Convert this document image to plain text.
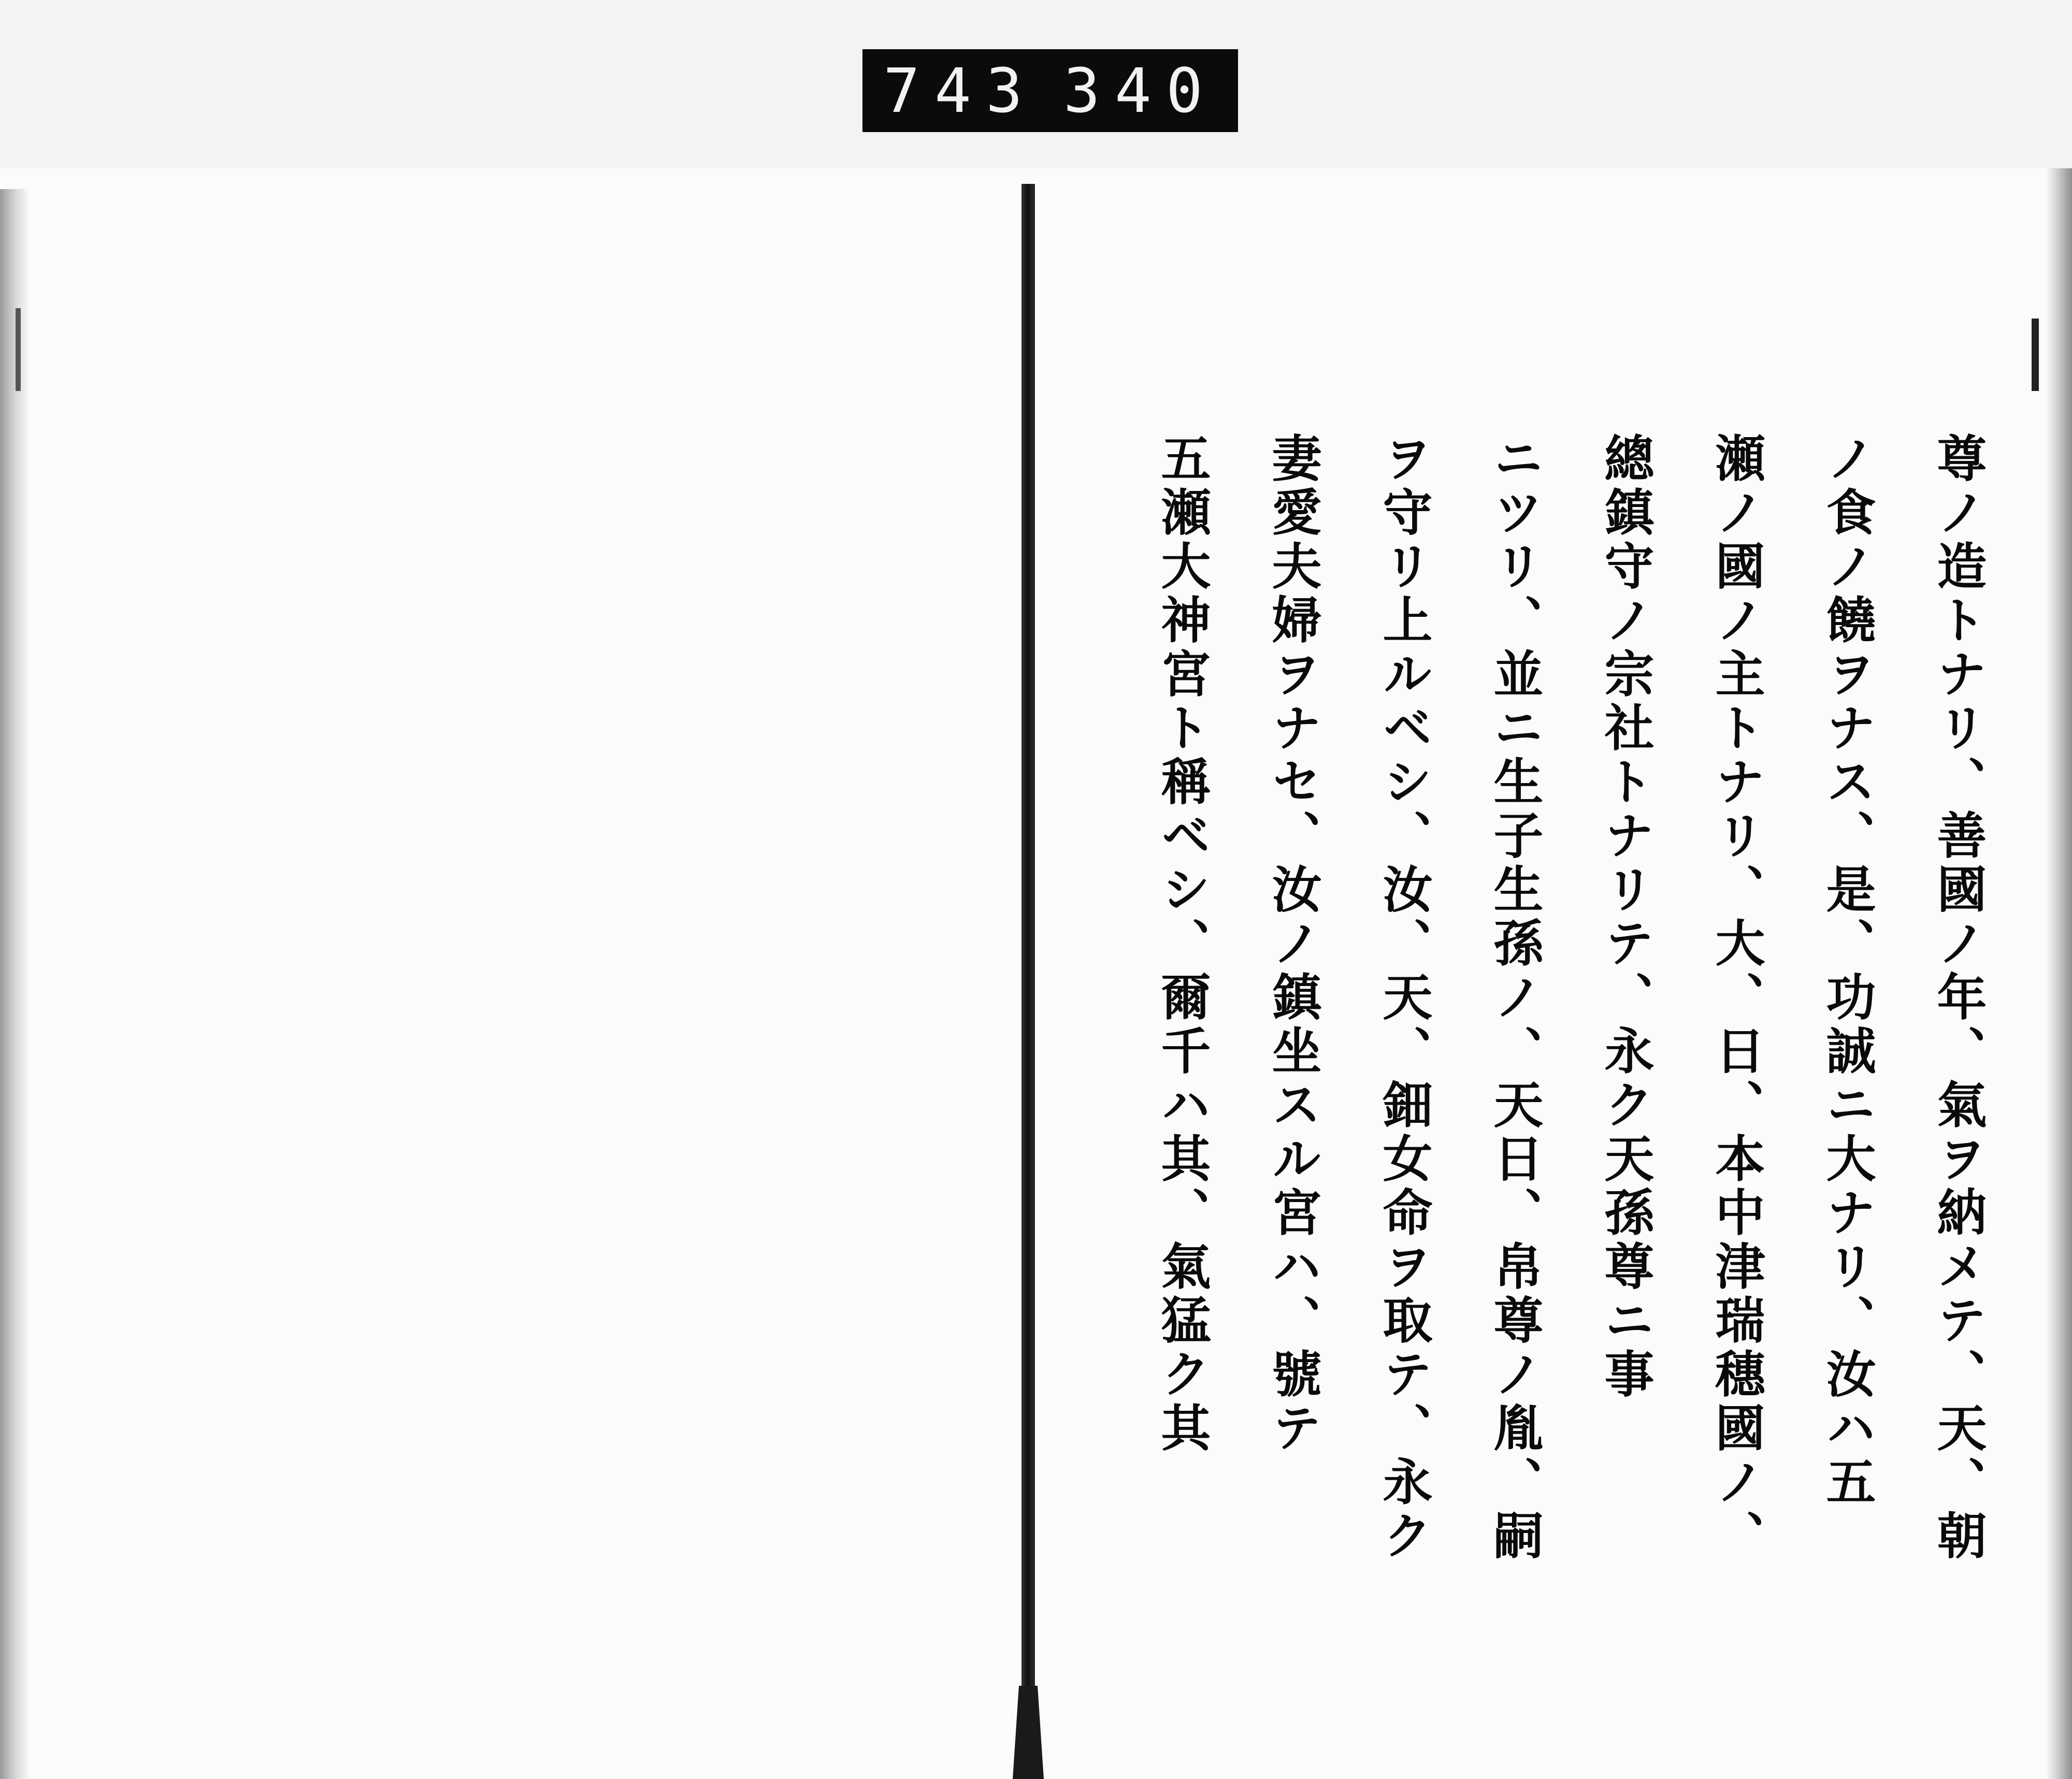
743 340
尊ノ造トナリ、善國ノ年、氣ヲ納メテ、天、朝
ノ食ノ饒ヲナス、是、功誠ニ大ナリ、汝ハ五
瀬ノ國ノ主トナリ、大、日、本中津瑞穗國ノ、
總鎮守ノ宗社トナリテ、永ク天孫尊ニ事
ニツリ、並ニ生子生孫ノ、天日、帛尊ノ胤、嗣
ヲ守リ上ルベシ、汝、天、鈿女命ヲ取テ、永ク
妻愛夫婦ヲナセ、汝ノ鎮坐スル宮ハ、號テ
五瀬大神宮ト稱ベシ、爾千ハ其、氣猛ク其
